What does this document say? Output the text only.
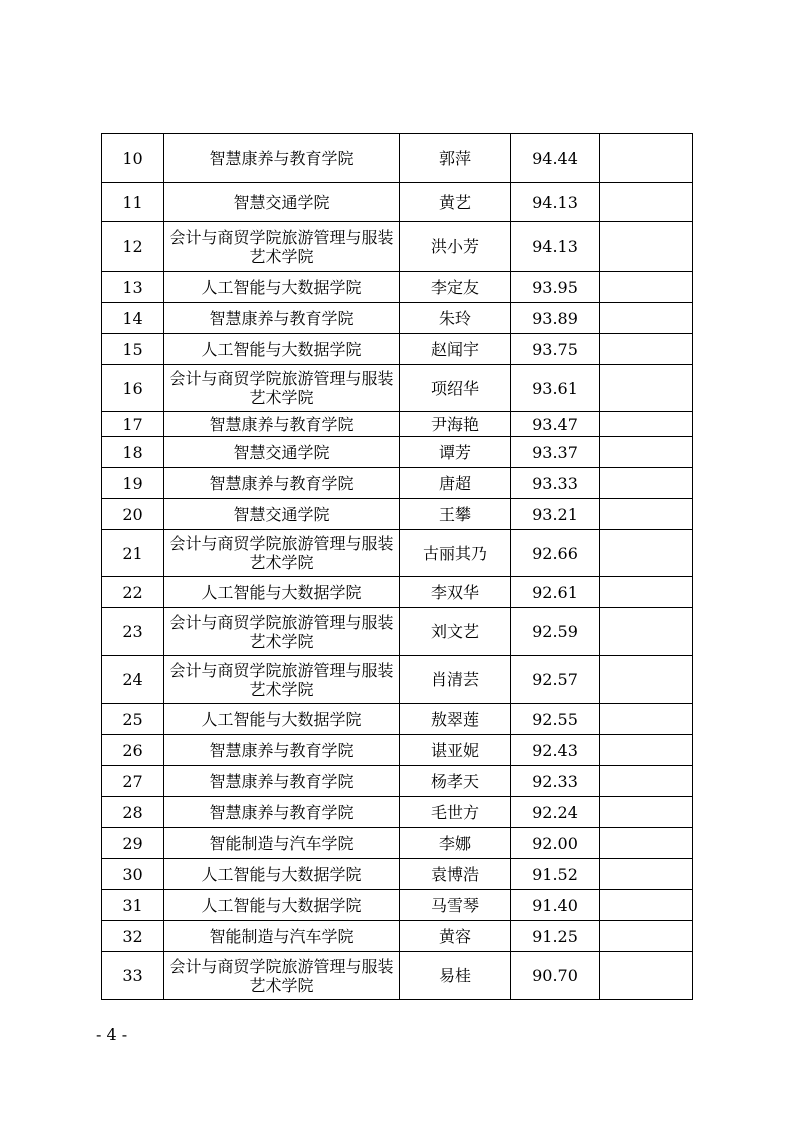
10	智慧康养与教育学院	郭萍	94.44	
11	智慧交通学院	黄艺	94.13	
12	会计与商贸学院旅游管理与服装艺术学院	洪小芳	94.13	
13	人工智能与大数据学院	李定友	93.95	
14	智慧康养与教育学院	朱玲	93.89	
15	人工智能与大数据学院	赵闻宇	93.75	
16	会计与商贸学院旅游管理与服装艺术学院	项绍华	93.61	
17	智慧康养与教育学院	尹海艳	93.47	
18	智慧交通学院	谭芳	93.37	
19	智慧康养与教育学院	唐超	93.33	
20	智慧交通学院	王攀	93.21	
21	会计与商贸学院旅游管理与服装艺术学院	古丽其乃	92.66	
22	人工智能与大数据学院	李双华	92.61	
23	会计与商贸学院旅游管理与服装艺术学院	刘文艺	92.59	
24	会计与商贸学院旅游管理与服装艺术学院	肖清芸	92.57	
25	人工智能与大数据学院	敖翠莲	92.55	
26	智慧康养与教育学院	谌亚妮	92.43	
27	智慧康养与教育学院	杨孝天	92.33	
28	智慧康养与教育学院	毛世方	92.24	
29	智能制造与汽车学院	李娜	92.00	
30	人工智能与大数据学院	袁博浩	91.52	
31	人工智能与大数据学院	马雪琴	91.40	
32	智能制造与汽车学院	黄容	91.25	
33	会计与商贸学院旅游管理与服装艺术学院	易桂	90.70	
- 4 -
